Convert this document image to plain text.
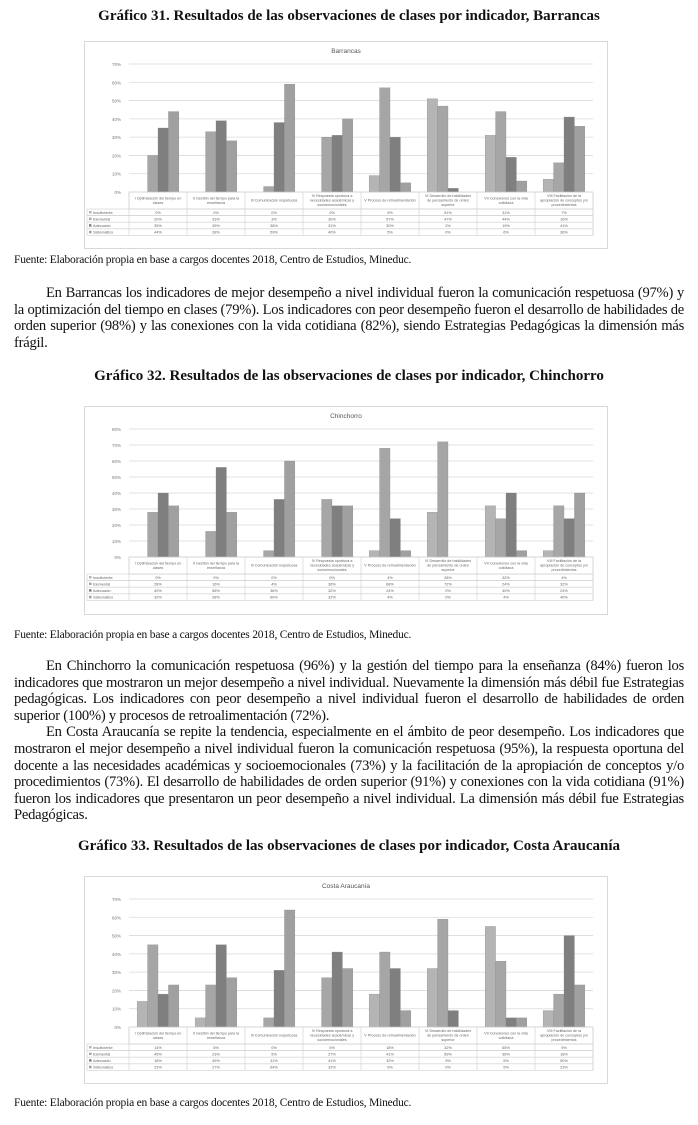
Gráfico 31. Resultados de las observaciones de clases por indicador, Barrancas
Barrancas
0%
10%
20%
30%
40%
50%
60%
70%
I Optimización del tiempo en
clases
II Gestión del tiempo para la
enseñanza
III Comunicación respetuosa
IV Respuesta oportuna a
necesidades académicas y
socioemocionales
V Proceso de retroalimentación
VI Desarrollo de habilidades
de pensamiento de orden
superior
VII Conexiones con la vida
cotidiana
VIII Facilitación de la
apropiación de conceptos y/o
procedimientos
Insuficiente	0%	0%	0%	0%	9%	51%	31%	7%
Elemental	20%	33%	3%	30%	57%	47%	44%	16%
Adecuado	35%	39%	38%	31%	30%	2%	19%	41%
Sistemático	44%	28%	59%	40%	5%	0%	6%	36%
Fuente: Elaboración propia en base a cargos docentes 2018, Centro de Estudios, Mineduc.

En Barrancas los indicadores de mejor desempeño a nivel individual fueron la comunicación respetuosa (97%) y la optimización del tiempo en clases (79%). Los indicadores con peor desempeño fueron el desarrollo de habilidades de orden superior (98%) y las conexiones con la vida cotidiana (82%), siendo Estrategias Pedagógicas la dimensión más frágil.

Gráfico 32. Resultados de las observaciones de clases por indicador, Chinchorro
Chinchorro
0%
10%
20%
30%
40%
50%
60%
70%
80%
I Optimización del tiempo en
clases
II Gestión del tiempo para la
enseñanza
III Comunicación respetuosa
IV Respuesta oportuna a
necesidades académicas y
socioemocionales
V Proceso de retroalimentación
VI Desarrollo de habilidades
de pensamiento de orden
superior
VII Conexiones con la vida
cotidiana
VIII Facilitación de la
apropiación de conceptos y/o
procedimientos
Insuficiente	0%	0%	0%	0%	4%	28%	32%	4%
Elemental	28%	16%	4%	36%	68%	72%	24%	32%
Adecuado	40%	56%	36%	32%	24%	0%	40%	24%
Sistemático	32%	28%	60%	32%	4%	0%	4%	40%
Fuente: Elaboración propia en base a cargos docentes 2018, Centro de Estudios, Mineduc.

En Chinchorro la comunicación respetuosa (96%) y la gestión del tiempo para la enseñanza (84%) fueron los indicadores que mostraron un mejor desempeño a nivel individual. Nuevamente la dimensión más débil fue Estrategias pedagógicas. Los indicadores con peor desempeño a nivel individual fueron el desarrollo de habilidades de orden superior (100%) y procesos de retroalimentación (72%).

En Costa Araucanía se repite la tendencia, especialmente en el ámbito de peor desempeño. Los indicadores que mostraron el mejor desempeño a nivel individual fueron la comunicación respetuosa (95%), la respuesta oportuna del docente a las necesidades académicas y socioemocionales (73%) y la facilitación de la apropiación de conceptos y/o procedimientos (73%). El desarrollo de habilidades de orden superior (91%) y conexiones con la vida cotidiana (91%) fueron los indicadores que presentaron un peor desempeño a nivel individual. La dimensión más débil fue Estrategias Pedagógicas.

Gráfico 33. Resultados de las observaciones de clases por indicador, Costa Araucanía
Costa Araucanía
0%
10%
20%
30%
40%
50%
60%
70%
I Optimización del tiempo en
clases
II Gestión del tiempo para la
enseñanza
III Comunicación respetuosa
IV Respuesta oportuna a
necesidades académicas y
socioemocionales
V Proceso de retroalimentación
VI Desarrollo de habilidades
de pensamiento de orden
superior
VII Conexiones con la vida
cotidiana
VIII Facilitación de la
apropiación de conceptos y/o
procedimientos
Insuficiente	14%	5%	0%	0%	18%	32%	55%	9%
Elemental	45%	23%	5%	27%	41%	59%	36%	18%
Adecuado	18%	45%	31%	41%	32%	9%	5%	50%
Sistemático	23%	27%	64%	32%	9%	0%	5%	23%
Fuente: Elaboración propia en base a cargos docentes 2018, Centro de Estudios, Mineduc.
